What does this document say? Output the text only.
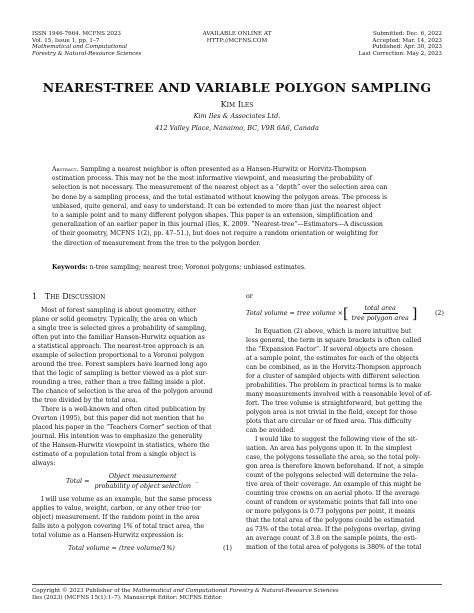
ISSN 1946-7664. MCFNS 2023
Vol. 15, Issue 1, pp. 1–7
Mathematical and Computational
Forestry & Natural-Resource Sciences
AVAILABLE ONLINE AT HTTP://MCFNS.COM
Submitted: Dec. 6, 2022
Accepted: Mar. 14, 2023
Published: Apr. 30, 2023
Last Correction: May 2, 2023
NEAREST-TREE AND VARIABLE POLYGON SAMPLING
Kim Iles
Kim Iles & Associates Ltd.
412 Valley Place, Nanaimo, BC, V9R 6A6, Canada
Abstract. Sampling a nearest neighbor is often presented as a Hansen-Hurwitz or Horvitz-Thompson
estimation process. This may not be the most informative viewpoint, and measuring the probability of
selection is not necessary. The measurement of the nearest object as a “depth” over the selection area can
be done by a sampling process, and the total estimated without knowing the polygon areas. The process is
unbiased, quite general, and easy to understand. It can be extended to more than just the nearest object
to a sample point and to many different polygon shapes. This paper is an extension, simplification and
generalization of an earlier paper in this journal (Iles, K. 2009. “Nearest-tree”—Estimators—A discussion
of their geometry, MCFNS 1(2), pp. 47–51.), but does not require a random orientation or weighting for
the direction of measurement from the tree to the polygon border.
Keywords: n-tree sampling; nearest tree; Voronoi polygons; unbiased estimates.
1 The Discussion
Most of forest sampling is about geometry, either
plane or solid geometry. Typically, the area on which
a single tree is selected gives a probability of sampling,
often put into the familiar Hansen-Hurwitz equation as
a statistical approach. The nearest-tree approach is an
example of selection proportional to a Voronoi polygon
around the tree. Forest samplers have learned long ago
that the logic of sampling is better viewed as a plot sur-
rounding a tree, rather than a tree falling inside a plot.
The chance of selection is the area of the polygon around
the tree divided by the total area.
There is a well-known and often cited publication by
Overton (1995), but this paper did not mention that he
placed his paper in the “Teachers Corner” section of that
journal. His intention was to emphasize the generality
of the Hansen-Hurwitz viewpoint in statistics, where the
estimate of a population total from a single object is
always:
Total = $\frac{\text{Object measurement}}{\text{probability of object selection}}$ .
I will use volume as an example, but the same process
applies to value, weight, carbon, or any other tree (or
object) measurement. If the random point in the area
falls into a polygon covering 1% of total tract area, the
total volume as a Hansen-Hurwitz expression is:
Total volume = (tree volume/1%)	(1)
or
Total volume = tree volume × [ $\frac{\text{total area}}{\text{tree polygon area}}$ ]	(2)
In Equation (2) above, which is more intuitive but
less general, the term in square brackets is often called
the “Expansion Factor”. If several objects are chosen
at a sample point, the estimates for each of the objects
can be combined, as in the Horvitz-Thompson approach
for a cluster of sampled objects with different selection
probabilities. The problem in practical terms is to make
many measurements involved with a reasonable level of ef-
fort. The tree volume is straightforward, but getting the
polygon area is not trivial in the field, except for those
plots that are circular or of fixed area. This difficulty
can be avoided.
I would like to suggest the following view of the sit-
uation. An area has polygons upon it. In the simplest
case, the polygons tessellate the area, so the total poly-
gon area is therefore known beforehand. If not, a simple
count of the polygons selected will determine the rela-
tive area of their coverage. An example of this might be
counting tree crowns on an aerial photo. If the average
count of random or systematic points that fall into one
or more polygons is 0.73 polygons per point, it means
that the total area of the polygons could be estimated
as 73% of the total area. If the polygons overlap, giving
an average count of 3.8 on the sample points, the esti-
mation of the total area of polygons is 380% of the total
Copyright © 2023 Publisher of the Mathematical and Computational Forestry & Natural-Resource Sciences
Iles (2023) (MCFNS 15(1):1–7). Manuscript Editor: MCFNS Editor
